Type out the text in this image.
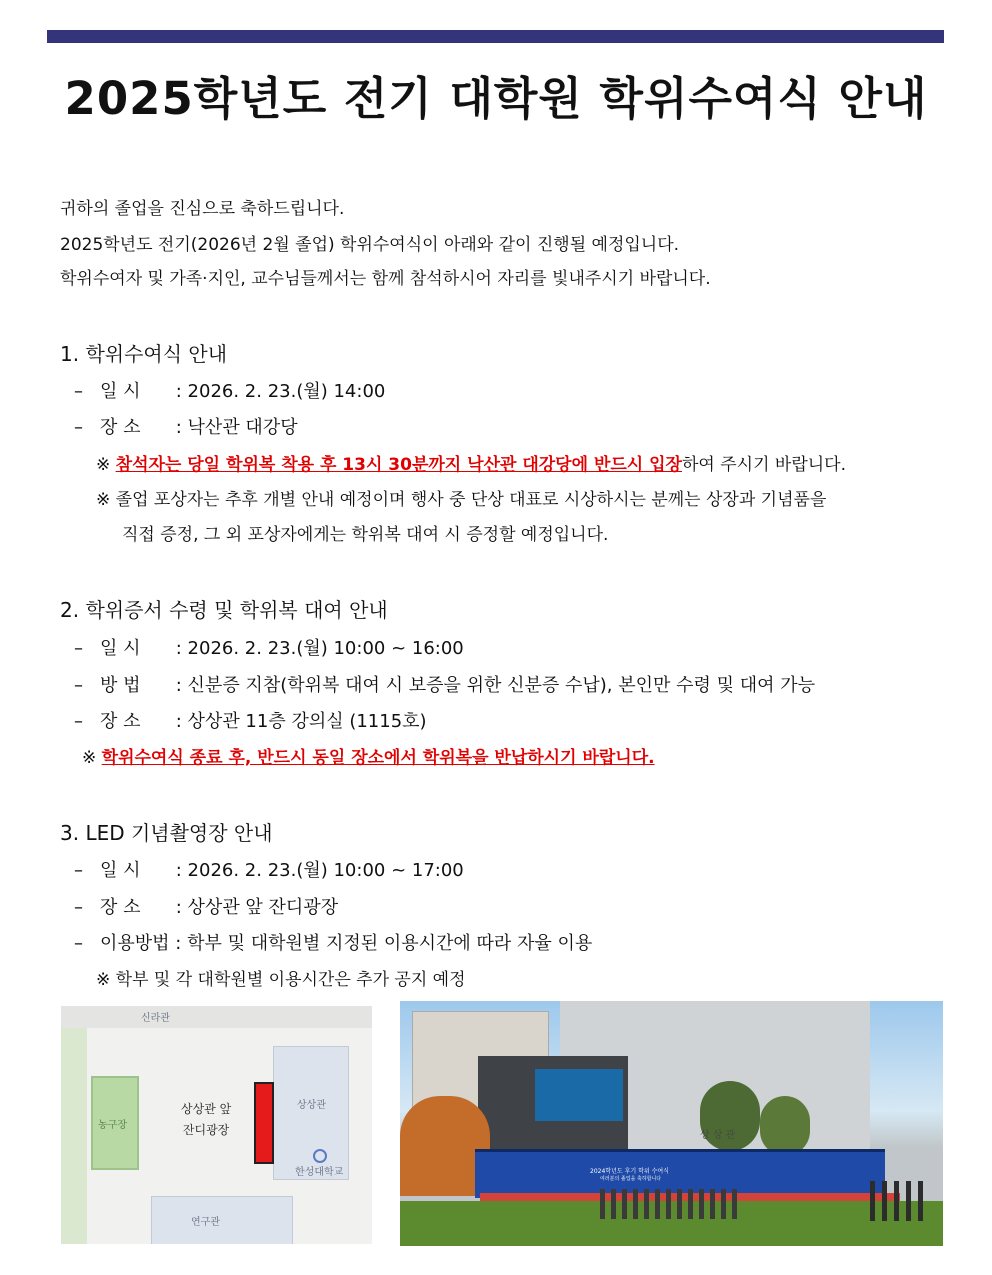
2025학년도 전기 대학원 학위수여식 안내
귀하의 졸업을 진심으로 축하드립니다.
2025학년도 전기(2026년 2월 졸업) 학위수여식이 아래와 같이 진행될 예정입니다.
학위수여자 및 가족·지인, 교수님들께서는 함께 참석하시어 자리를 빛내주시기 바랍니다.
1. 학위수여식 안내
– 일 시 : 2026. 2. 23.(월) 14:00
– 장 소 : 낙산관 대강당
※ 참석자는 당일 학위복 착용 후 13시 30분까지 낙산관 대강당에 반드시 입장하여 주시기 바랍니다.
※ 졸업 포상자는 추후 개별 안내 예정이며 행사 중 단상 대표로 시상하시는 분께는 상장과 기념품을
직접 증정, 그 외 포상자에게는 학위복 대여 시 증정할 예정입니다.
2. 학위증서 수령 및 학위복 대여 안내
– 일 시 : 2026. 2. 23.(월) 10:00 ~ 16:00
– 방 법 : 신분증 지참(학위복 대여 시 보증을 위한 신분증 수납), 본인만 수령 및 대여 가능
– 장 소 : 상상관 11층 강의실 (1115호)
※ 학위수여식 종료 후, 반드시 동일 장소에서 학위복을 반납하시기 바랍니다.
3. LED 기념촬영장 안내
– 일 시 : 2026. 2. 23.(월) 10:00 ~ 17:00
– 장 소 : 상상관 앞 잔디광장
– 이용방법 : 학부 및 대학원별 지정된 이용시간에 따라 자율 이용
※ 학부 및 각 대학원별 이용시간은 추가 공지 예정
신라관
농구장
상상관
연구관
상상관 앞
잔디광장
한성대학교
상 상 관
2024학년도 후기 학위 수여식
여러분의 졸업을 축하합니다
